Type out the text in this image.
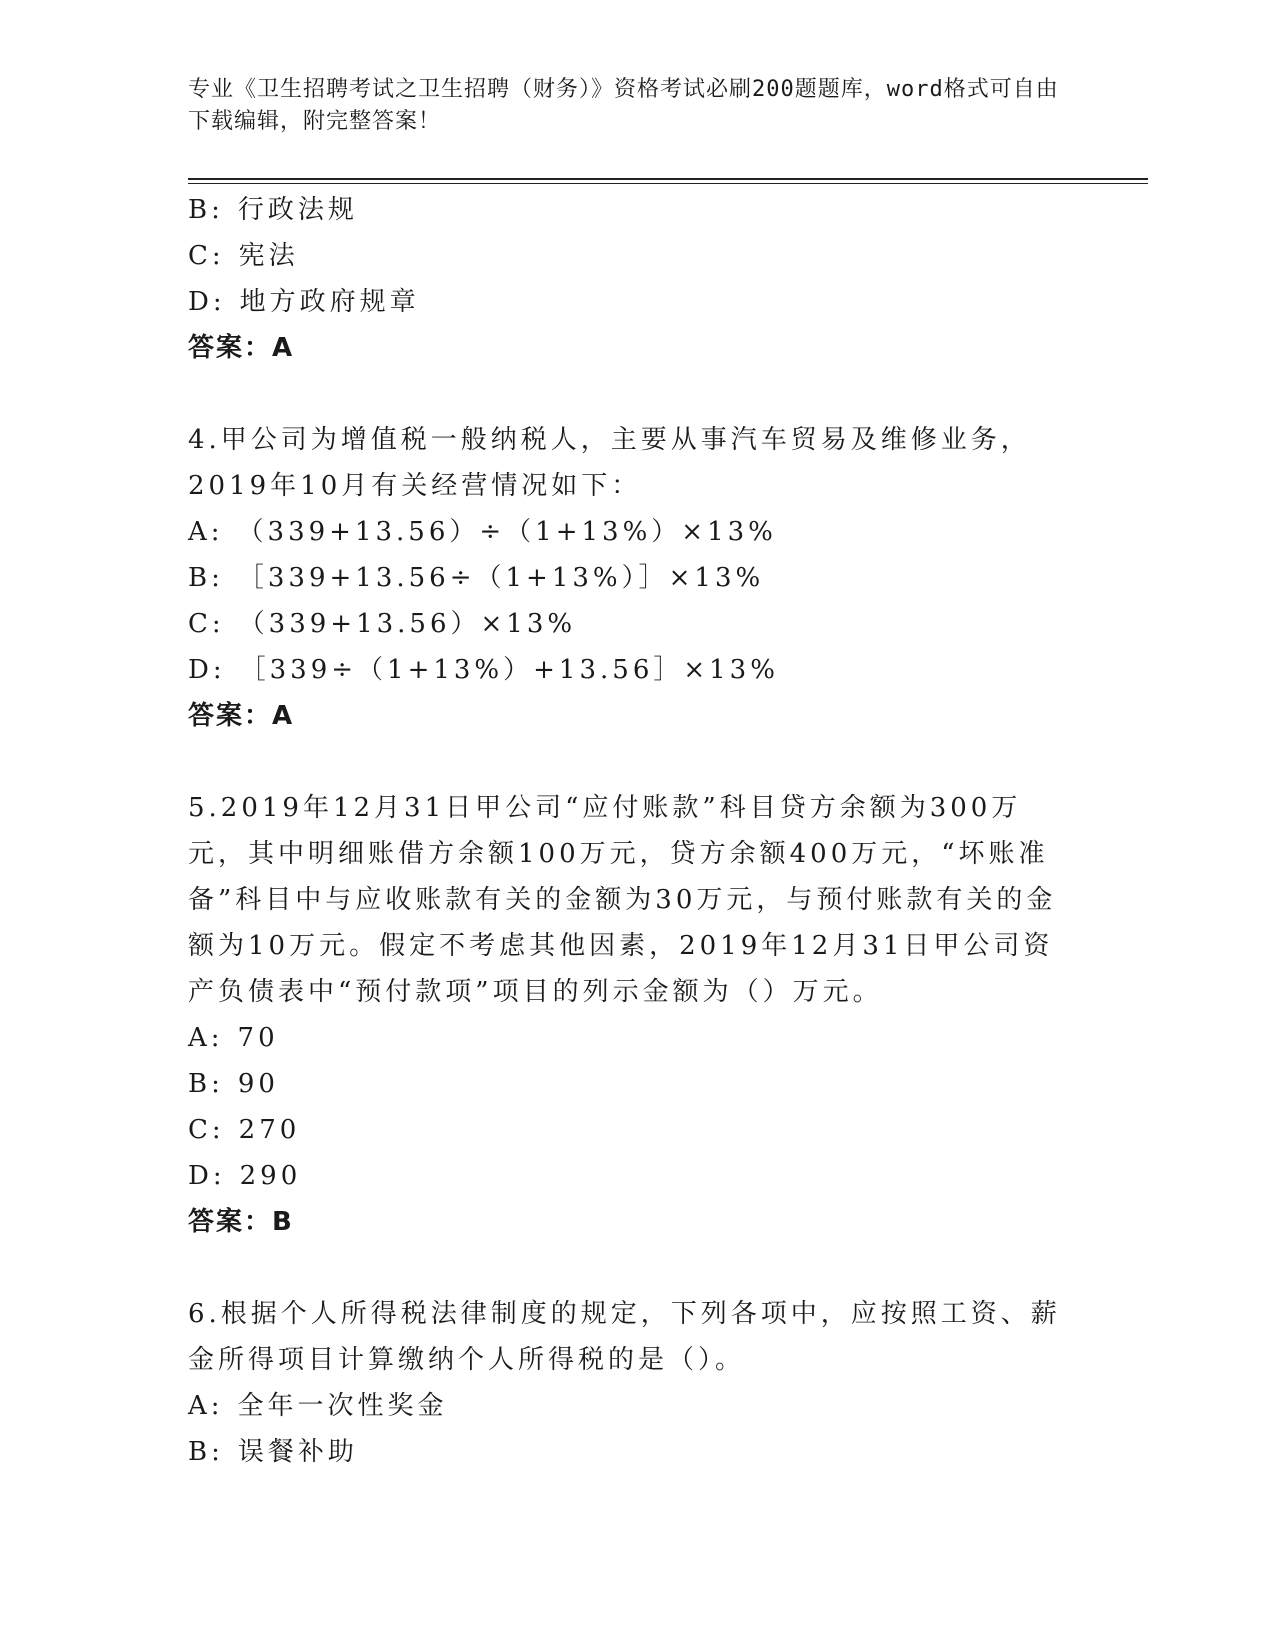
专业《卫生招聘考试之卫生招聘（财务）》资格考试必刷200题题库，word格式可自由下载编辑，附完整答案！
B: 行政法规
C: 宪法
D: 地方政府规章
答案：A

4.甲公司为增值税一般纳税人，主要从事汽车贸易及维修业务，2019年10月有关经营情况如下：

A: （339+13.56）÷（1+13%）×13%
B: ［339+13.56÷（1+13%）］×13%
C: （339+13.56）×13%
D: ［339÷（1+13%）+13.56］×13%
答案：A

5.2019年12月31日甲公司“应付账款”科目贷方余额为300万元，其中明细账借方余额100万元，贷方余额400万元，“坏账准备”科目中与应收账款有关的金额为30万元，与预付账款有关的金额为10万元。假定不考虑其他因素，2019年12月31日甲公司资产负债表中“预付款项”项目的列示金额为（）万元。

A: 70
B: 90
C: 270
D: 290
答案：B

6.根据个人所得税法律制度的规定，下列各项中，应按照工资、薪金所得项目计算缴纳个人所得税的是（）。

A: 全年一次性奖金
B: 误餐补助
